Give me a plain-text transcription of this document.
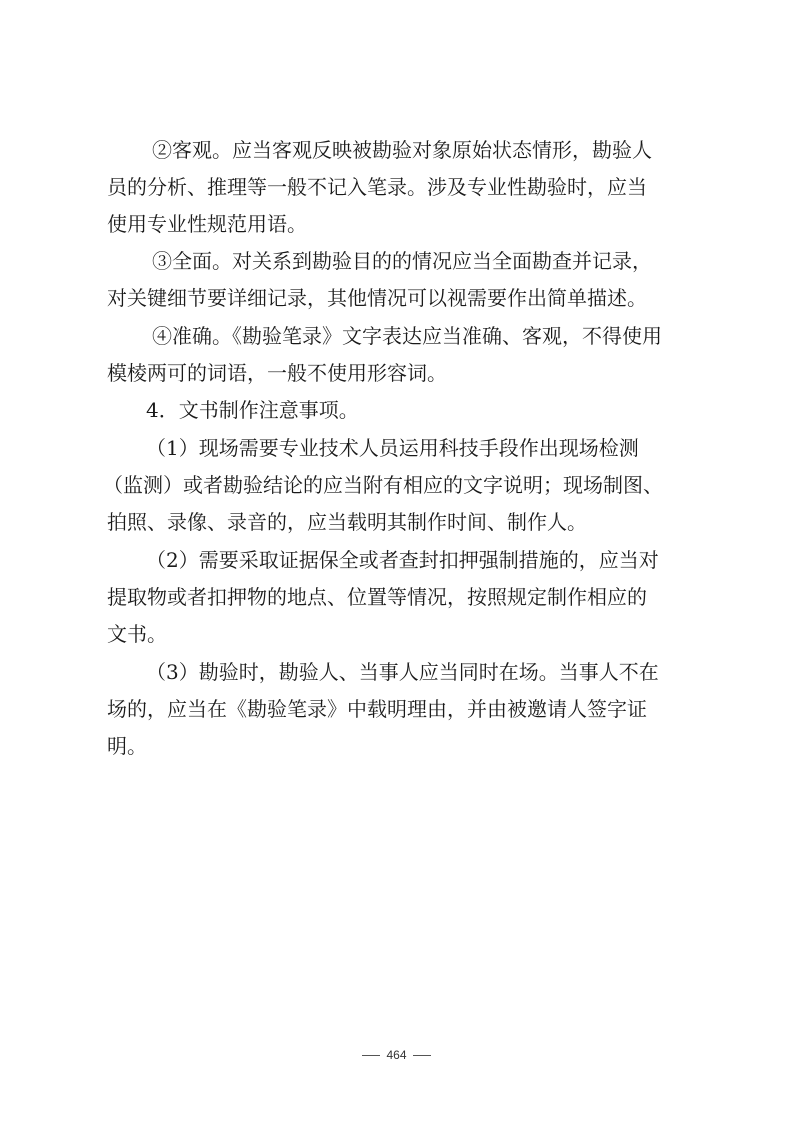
②客观。应当客观反映被勘验对象原始状态情形，勘验人
员的分析、推理等一般不记入笔录。涉及专业性勘验时，应当
使用专业性规范用语。
③全面。对关系到勘验目的的情况应当全面勘查并记录，
对关键细节要详细记录，其他情况可以视需要作出简单描述。
④准确。《勘验笔录》文字表达应当准确、客观，不得使用
模棱两可的词语，一般不使用形容词。
4．文书制作注意事项。
（1）现场需要专业技术人员运用科技手段作出现场检测
（监测）或者勘验结论的应当附有相应的文字说明；现场制图、
拍照、录像、录音的，应当载明其制作时间、制作人。
（2）需要采取证据保全或者查封扣押强制措施的，应当对
提取物或者扣押物的地点、位置等情况，按照规定制作相应的
文书。
（3）勘验时，勘验人、当事人应当同时在场。当事人不在
场的，应当在《勘验笔录》中载明理由，并由被邀请人签字证
明。
464
